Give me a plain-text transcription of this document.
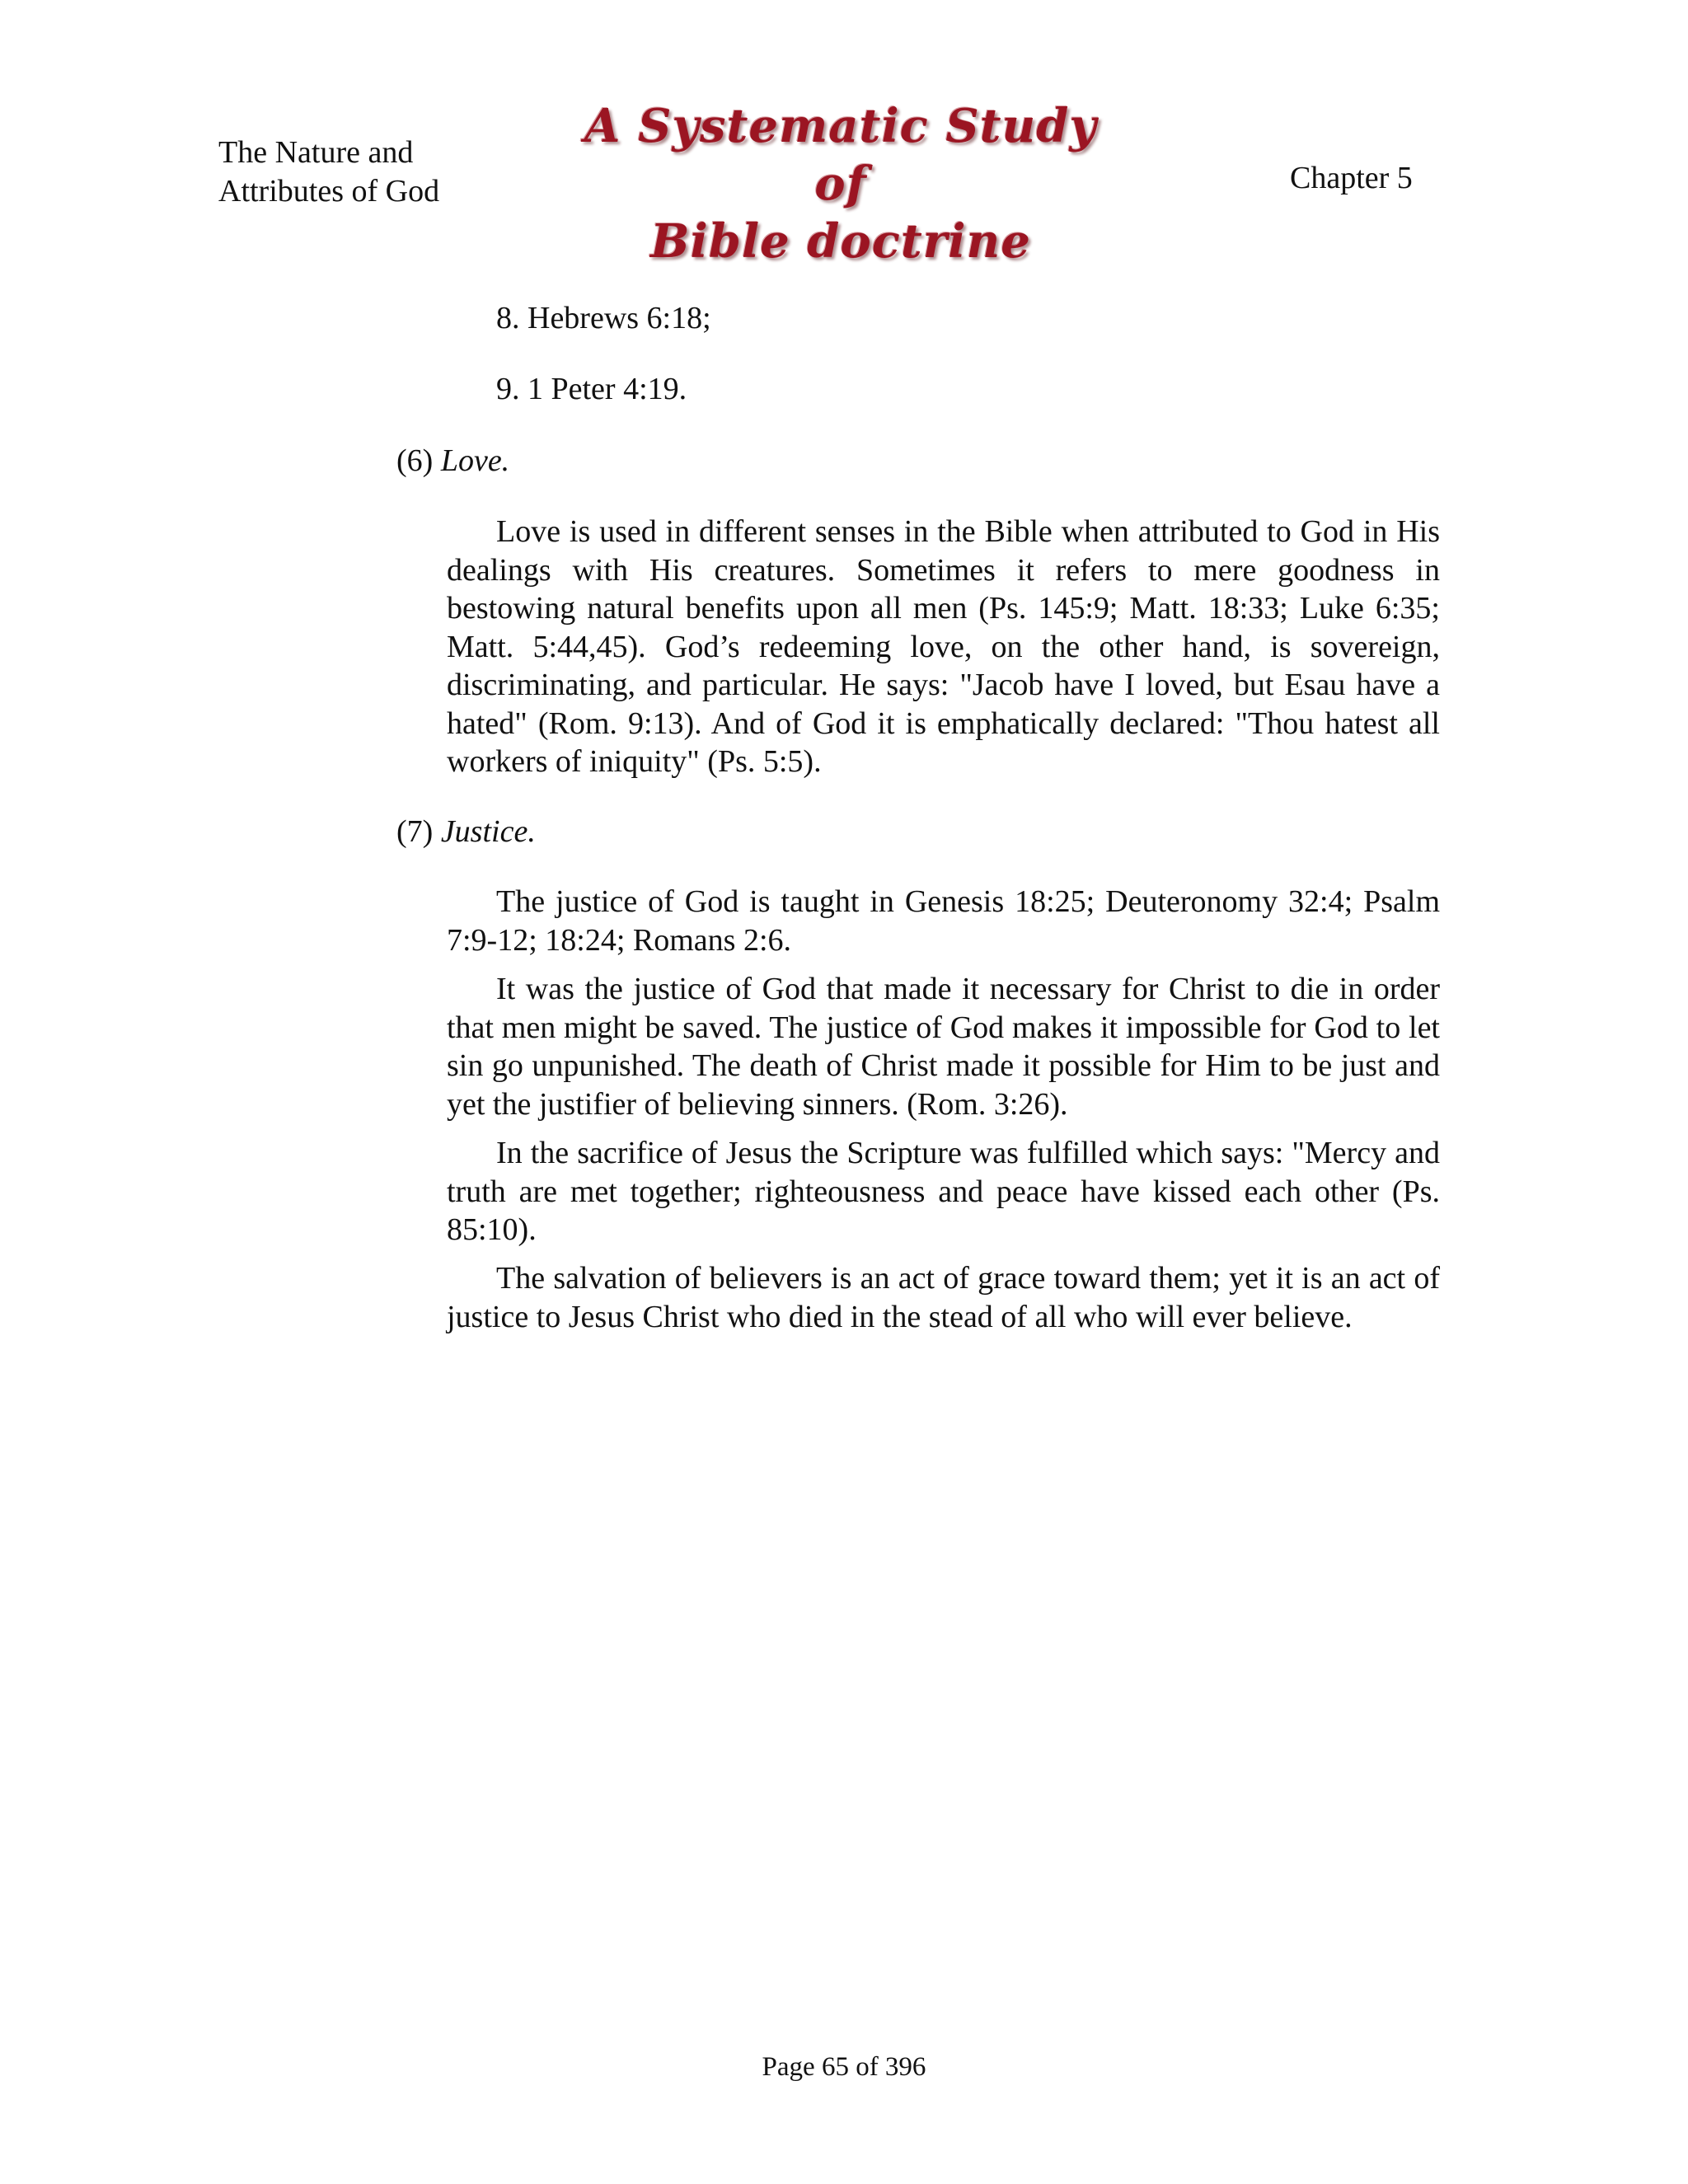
The Nature and
Attributes of God
A Systematic Study of
Bible doctrine
Chapter 5
8. Hebrews 6:18;
9. 1 Peter 4:19.
(6) Love.

Love is used in different senses in the Bible when attributed to God in His dealings with His creatures. Sometimes it refers to mere goodness in bestowing natural benefits upon all men (Ps. 145:9; Matt. 18:33; Luke 6:35; Matt. 5:44,45). God’s redeeming love, on the other hand, is sovereign, discriminating, and particular. He says: "Jacob have I loved, but Esau have a hated" (Rom. 9:13). And of God it is emphatically declared: "Thou hatest all workers of iniquity" (Ps. 5:5).

(7) Justice.

The justice of God is taught in Genesis 18:25; Deuteronomy 32:4; Psalm 7:9-12; 18:24; Romans 2:6.

It was the justice of God that made it necessary for Christ to die in order that men might be saved. The justice of God makes it impossible for God to let sin go unpunished. The death of Christ made it possible for Him to be just and yet the justifier of believing sinners. (Rom. 3:26).

In the sacrifice of Jesus the Scripture was fulfilled which says: "Mercy and truth are met together; righteousness and peace have kissed each other (Ps. 85:10).

The salvation of believers is an act of grace toward them; yet it is an act of justice to Jesus Christ who died in the stead of all who will ever believe.

Page 65 of 396
